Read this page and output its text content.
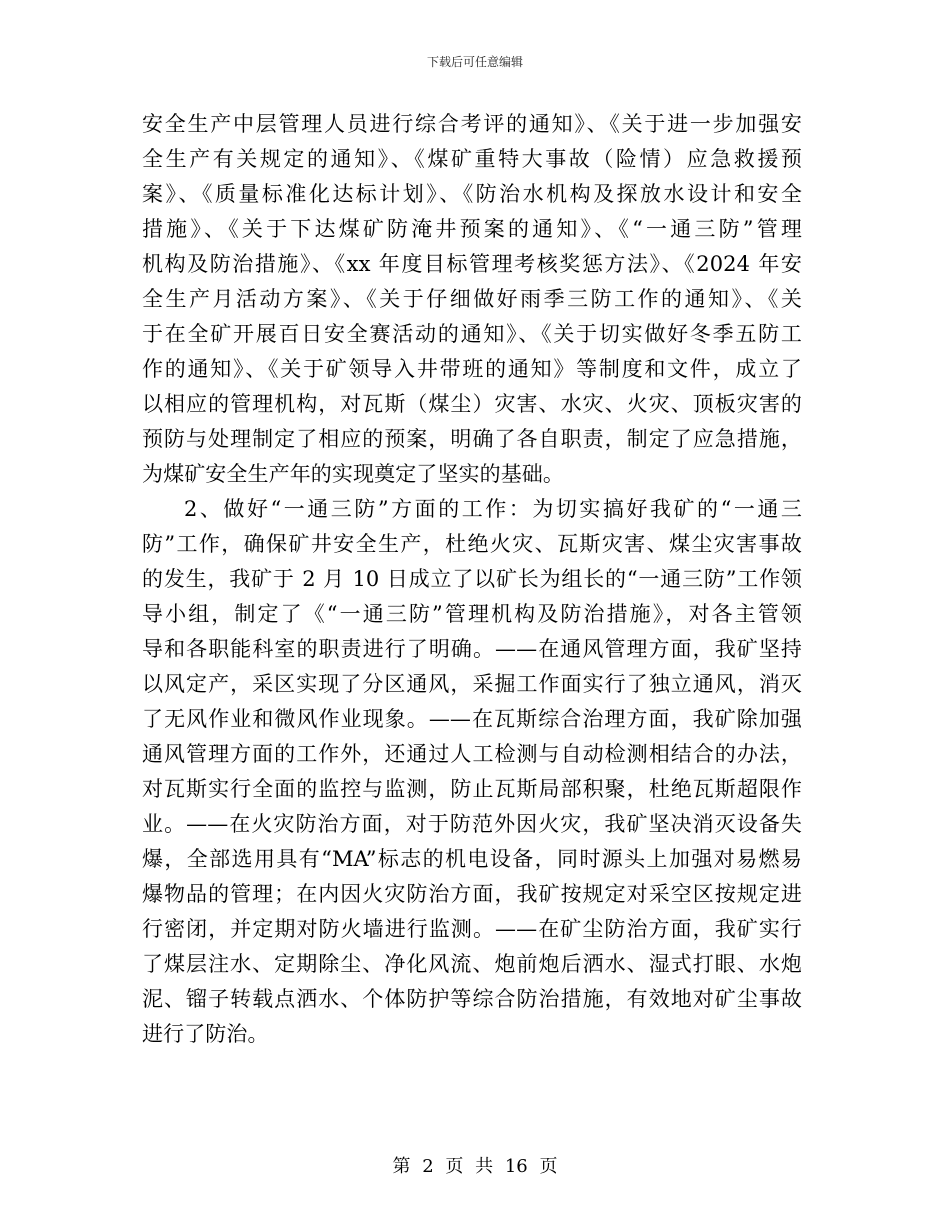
下载后可任意编辑
安全生产中层管理人员进行综合考评的通知》、《关于进一步加强安
全生产有关规定的通知》、《煤矿重特大事故（险情）应急救援预
案》、《质量标准化达标计划》、《防治水机构及探放水设计和安全
措施》、《关于下达煤矿防淹井预案的通知》、《“一通三防”管理
机构及防治措施》、《xx 年度目标管理考核奖惩方法》、《2024 年安
全生产月活动方案》、《关于仔细做好雨季三防工作的通知》、《关
于在全矿开展百日安全赛活动的通知》、《关于切实做好冬季五防工
作的通知》、《关于矿领导入井带班的通知》等制度和文件，成立了
以相应的管理机构，对瓦斯（煤尘）灾害、水灾、火灾、顶板灾害的
预防与处理制定了相应的预案，明确了各自职责，制定了应急措施，
为煤矿安全生产年的实现奠定了坚实的基础。
2、做好“一通三防”方面的工作：为切实搞好我矿的“一通三
防”工作，确保矿井安全生产，杜绝火灾、瓦斯灾害、煤尘灾害事故
的发生，我矿于 2 月 10 日成立了以矿长为组长的“一通三防”工作领
导小组，制定了《“一通三防”管理机构及防治措施》，对各主管领
导和各职能科室的职责进行了明确。——在通风管理方面，我矿坚持
以风定产，采区实现了分区通风，采掘工作面实行了独立通风，消灭
了无风作业和微风作业现象。——在瓦斯综合治理方面，我矿除加强
通风管理方面的工作外，还通过人工检测与自动检测相结合的办法，
对瓦斯实行全面的监控与监测，防止瓦斯局部积聚，杜绝瓦斯超限作
业。——在火灾防治方面，对于防范外因火灾，我矿坚决消灭设备失
爆，全部选用具有“MA”标志的机电设备，同时源头上加强对易燃易
爆物品的管理；在内因火灾防治方面，我矿按规定对采空区按规定进
行密闭，并定期对防火墙进行监测。——在矿尘防治方面，我矿实行
了煤层注水、定期除尘、净化风流、炮前炮后洒水、湿式打眼、水炮
泥、镏子转载点洒水、个体防护等综合防治措施，有效地对矿尘事故
进行了防治。
第 2 页 共 16 页
